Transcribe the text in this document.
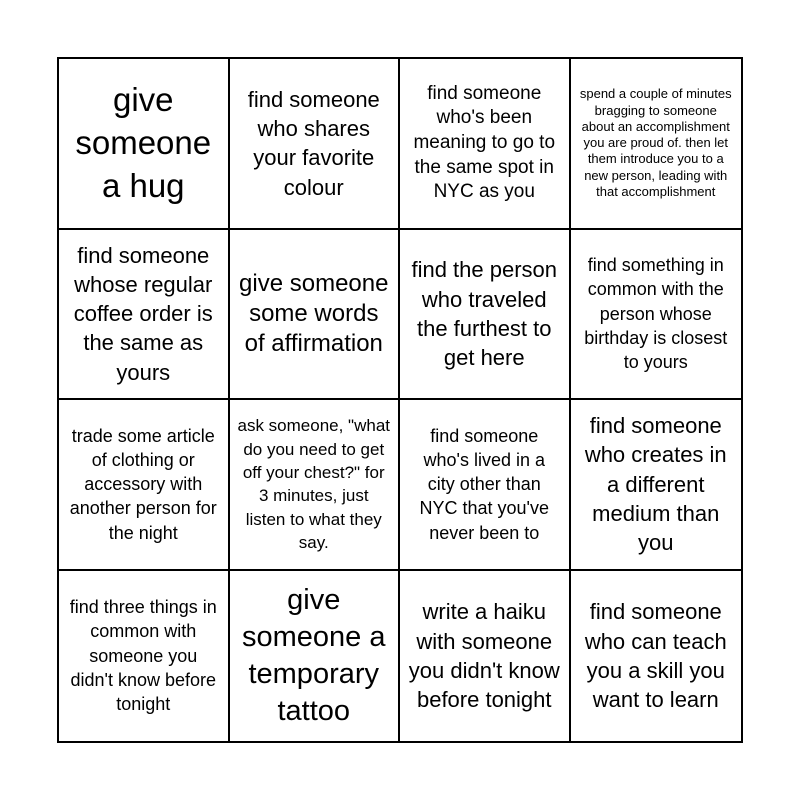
give someone a hug
find someone who shares your favorite colour
find someone who's been meaning to go to the same spot in NYC as you
spend a couple of minutes bragging to someone about an accomplishment you are proud of. then let them introduce you to a new person, leading with that accomplishment
find someone whose regular coffee order is the same as yours
give someone some words of affirmation
find the person who traveled the furthest to get here
find something in common with the person whose birthday is closest to yours
trade some article of clothing or accessory with another person for the night
ask someone, "what do you need to get off your chest?" for 3 minutes, just listen to what they say.
find someone who's lived in a city other than NYC that you've never been to
find someone who creates in a different medium than you
find three things in common with someone you didn't know before tonight
give someone a temporary tattoo
write a haiku with someone you didn't know before tonight
find someone who can teach you a skill you want to learn
